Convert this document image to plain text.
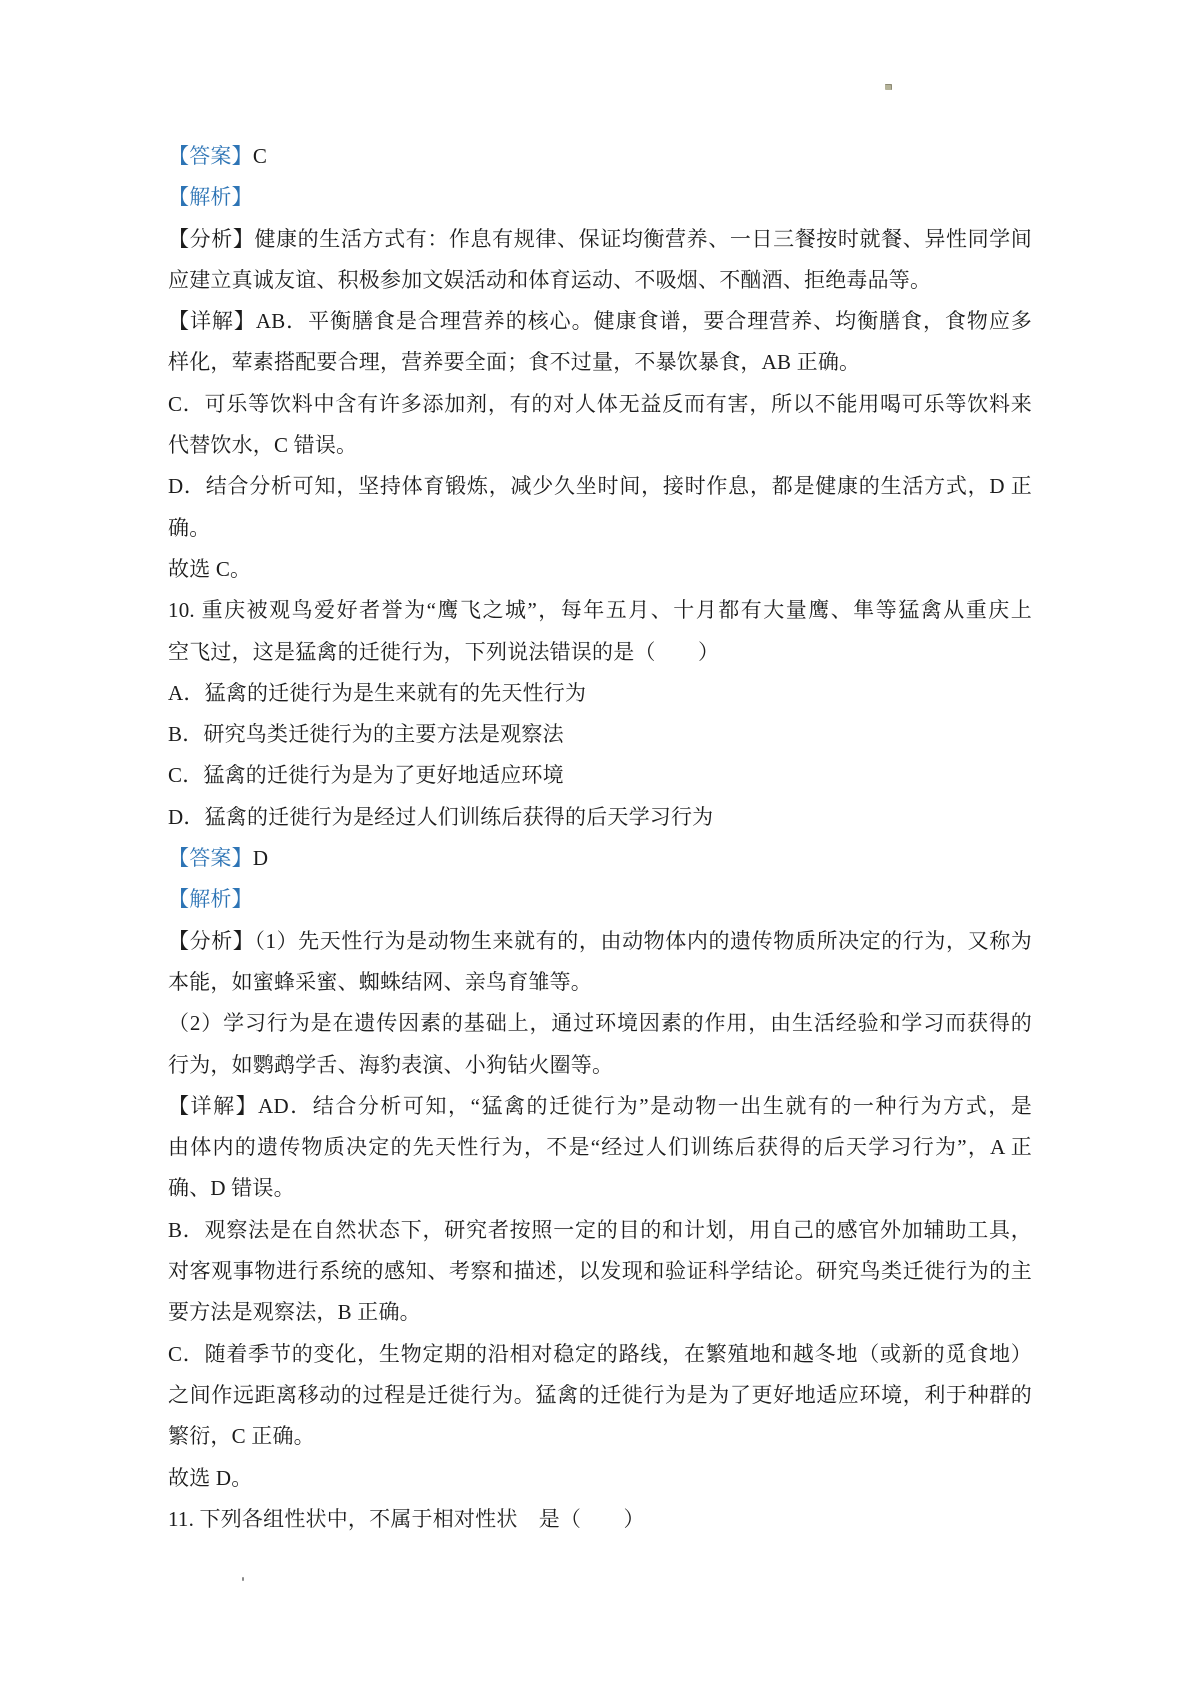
【答案】C
【解析】
【分析】健康的生活方式有：作息有规律、保证均衡营养、一日三餐按时就餐、异性同学间
应建立真诚友谊、积极参加文娱活动和体育运动、不吸烟、不酗酒、拒绝毒品等。
【详解】AB．平衡膳食是合理营养的核心。健康食谱，要合理营养、均衡膳食，食物应多
样化，荤素搭配要合理，营养要全面；食不过量，不暴饮暴食，AB 正确。
C．可乐等饮料中含有许多添加剂，有的对人体无益反而有害，所以不能用喝可乐等饮料来
代替饮水，C 错误。
D．结合分析可知，坚持体育锻炼，减少久坐时间，接时作息，都是健康的生活方式，D 正
确。
故选 C。
10. 重庆被观鸟爱好者誉为“鹰飞之城”，每年五月、十月都有大量鹰、隼等猛禽从重庆上
空飞过，这是猛禽的迁徙行为，下列说法错误的是（　　）
A．猛禽的迁徙行为是生来就有的先天性行为
B．研究鸟类迁徙行为的主要方法是观察法
C．猛禽的迁徙行为是为了更好地适应环境
D．猛禽的迁徙行为是经过人们训练后获得的后天学习行为
【答案】D
【解析】
【分析】（1）先天性行为是动物生来就有的，由动物体内的遗传物质所决定的行为，又称为
本能，如蜜蜂采蜜、蜘蛛结网、亲鸟育雏等。
（2）学习行为是在遗传因素的基础上，通过环境因素的作用，由生活经验和学习而获得的
行为，如鹦鹉学舌、海豹表演、小狗钻火圈等。
【详解】AD．结合分析可知，“猛禽的迁徙行为”是动物一出生就有的一种行为方式，是
由体内的遗传物质决定的先天性行为，不是“经过人们训练后获得的后天学习行为”，A 正
确、D 错误。
B．观察法是在自然状态下，研究者按照一定的目的和计划，用自己的感官外加辅助工具，
对客观事物进行系统的感知、考察和描述，以发现和验证科学结论。研究鸟类迁徙行为的主
要方法是观察法，B 正确。
C．随着季节的变化，生物定期的沿相对稳定的路线，在繁殖地和越冬地（或新的觅食地）
之间作远距离移动的过程是迁徙行为。猛禽的迁徙行为是为了更好地适应环境，利于种群的
繁衍，C 正确。
故选 D。
11. 下列各组性状中，不属于相对性状　是（　　）
